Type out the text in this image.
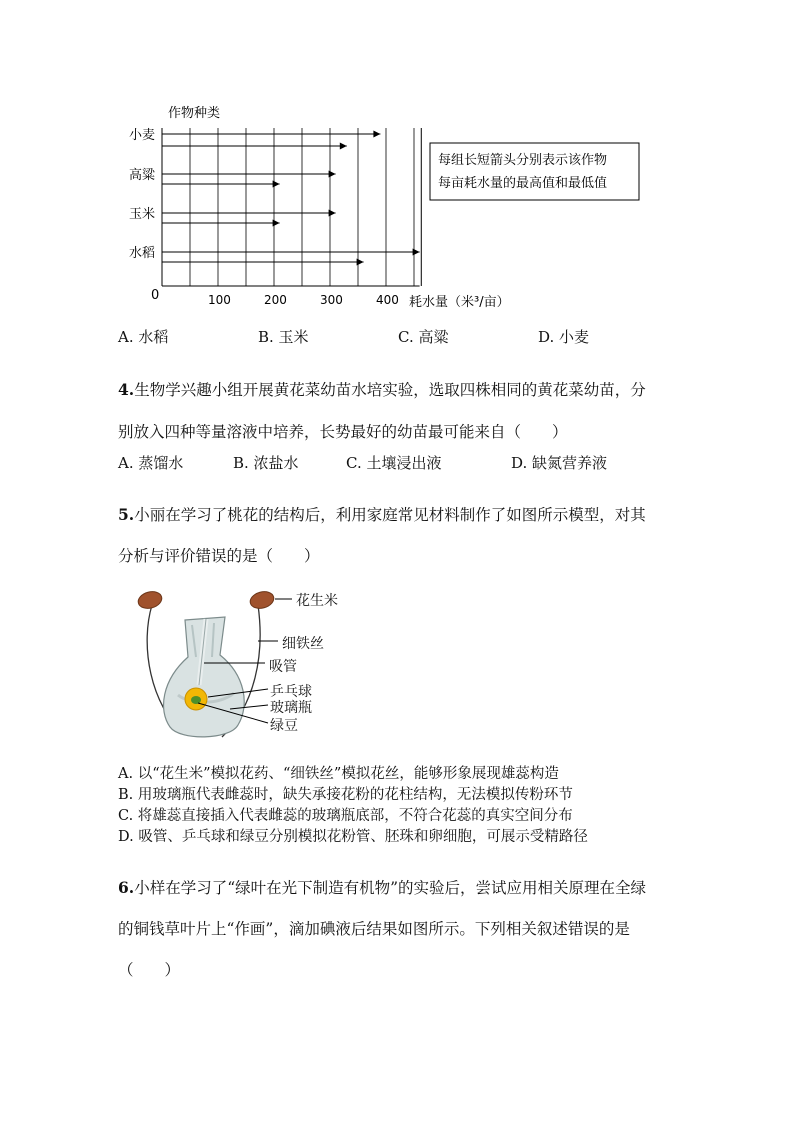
小麦
高粱
玉米
水稻
100	200	300	400
作物种类
0	耗水量（米³/亩）
每组长短箭头分别表示该作物
每亩耗水量的最高值和最低值
A. 水稻	B. 玉米	C. 高粱	D. 小麦
4.生物学兴趣小组开展黄花菜幼苗水培实验，选取四株相同的黄花菜幼苗，分
别放入四种等量溶液中培养，长势最好的幼苗最可能来自（　　）
A. 蒸馏水	B. 浓盐水	C. 土壤浸出液	D. 缺氮营养液
5.小丽在学习了桃花的结构后，利用家庭常见材料制作了如图所示模型，对其
分析与评价错误的是（　　）
花生米
细铁丝
吸管
乒乓球
玻璃瓶
绿豆
A. 以“花生米”模拟花药、“细铁丝”模拟花丝，能够形象展现雄蕊构造
B. 用玻璃瓶代表雌蕊时，缺失承接花粉的花柱结构，无法模拟传粉环节
C. 将雄蕊直接插入代表雌蕊的玻璃瓶底部，不符合花蕊的真实空间分布
D. 吸管、乒乓球和绿豆分别模拟花粉管、胚珠和卵细胞，可展示受精路径
6.小样在学习了“绿叶在光下制造有机物”的实验后，尝试应用相关原理在全绿
的铜钱草叶片上“作画”，滴加碘液后结果如图所示。下列相关叙述错误的是
（　　）
